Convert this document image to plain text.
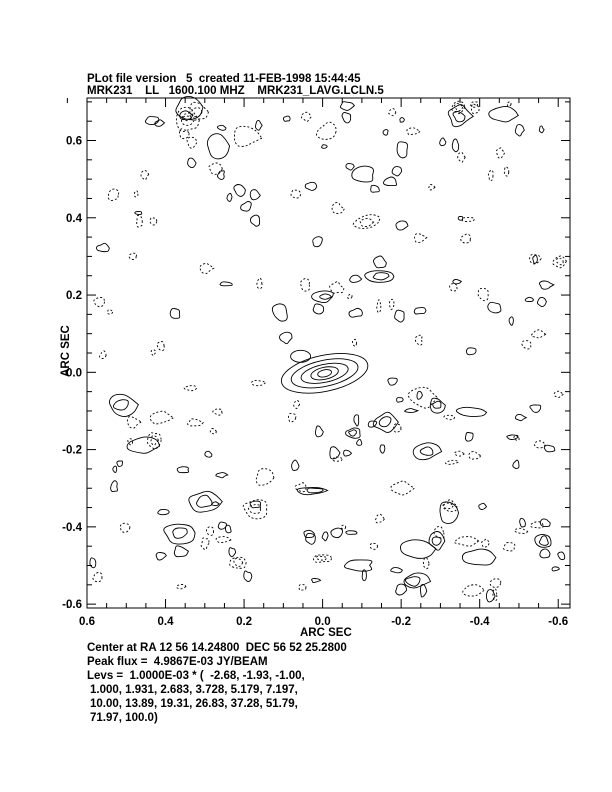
PLot file version   5  created 11-FEB-1998 15:44:45
MRK231    LL   1600.100 MHZ    MRK231_LAVG.LCLN.5
0.6	0.4	0.2	0.0	-0.2	-0.4	-0.6
0.6
0.4
0.2
0.0
-0.2
-0.4
-0.6
ARC SEC
ARC SEC
Center at RA 12 56 14.24800  DEC 56 52 25.2800
Peak flux =  4.9867E-03 JY/BEAM
Levs =  1.0000E-03 * (  -2.68, -1.93, -1.00,
1.000, 1.931, 2.683, 3.728, 5.179, 7.197,
10.00, 13.89, 19.31, 26.83, 37.28, 51.79,
71.97, 100.0)
